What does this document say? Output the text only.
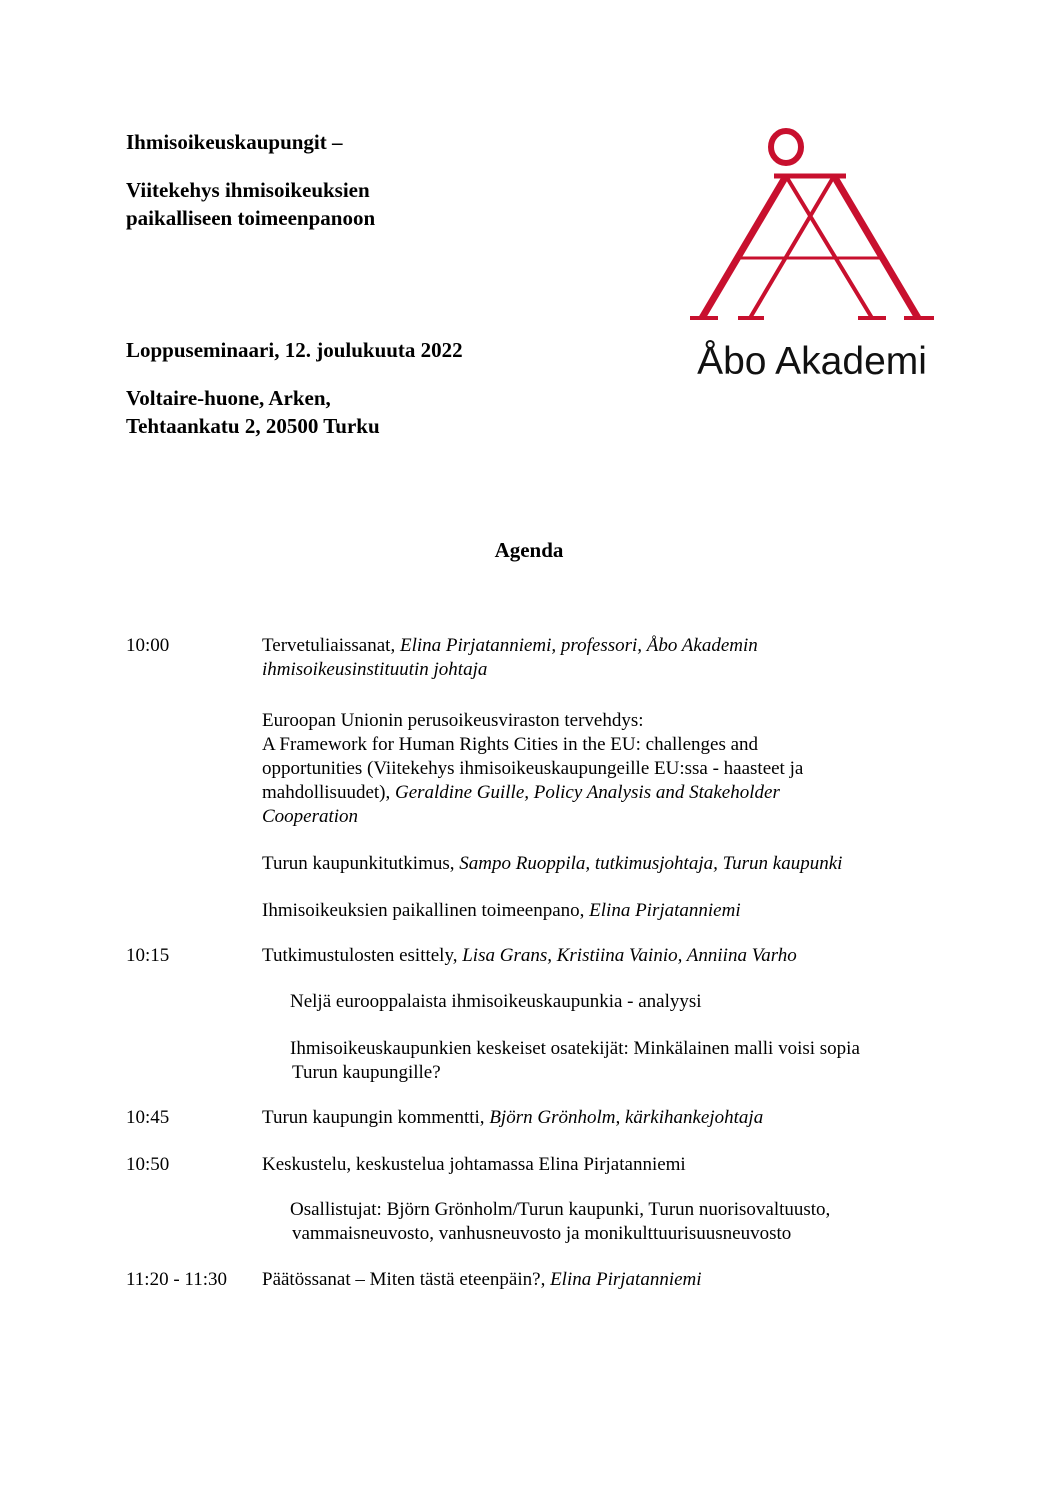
Ihmisoikeuskaupungit –
Viitekehys ihmisoikeuksien
paikalliseen toimeenpanoon
Loppuseminaari, 12. joulukuuta 2022
Voltaire-huone, Arken,
Tehtaankatu 2, 20500 Turku
Åbo Akademi
Agenda
10:00	Tervetuliaissanat, Elina Pirjatanniemi, professori, Åbo Akademin
ihmisoikeusinstituutin johtaja
Euroopan Unionin perusoikeusviraston tervehdys:
A Framework for Human Rights Cities in the EU: challenges and
opportunities (Viitekehys ihmisoikeuskaupungeille EU:ssa - haasteet ja
mahdollisuudet), Geraldine Guille, Policy Analysis and Stakeholder
Cooperation
Turun kaupunkitutkimus, Sampo Ruoppila, tutkimusjohtaja, Turun kaupunki
Ihmisoikeuksien paikallinen toimeenpano, Elina Pirjatanniemi
10:15	Tutkimustulosten esittely, Lisa Grans, Kristiina Vainio, Anniina Varho
Neljä eurooppalaista ihmisoikeuskaupunkia - analyysi
Ihmisoikeuskaupunkien keskeiset osatekijät: Minkälainen malli voisi sopia
Turun kaupungille?
10:45	Turun kaupungin kommentti, Björn Grönholm, kärkihankejohtaja
10:50	Keskustelu, keskustelua johtamassa Elina Pirjatanniemi
Osallistujat: Björn Grönholm/Turun kaupunki, Turun nuorisovaltuusto,
vammaisneuvosto, vanhusneuvosto ja monikulttuurisuusneuvosto
11:20 - 11:30 Päätössanat – Miten tästä eteenpäin?, Elina Pirjatanniemi
